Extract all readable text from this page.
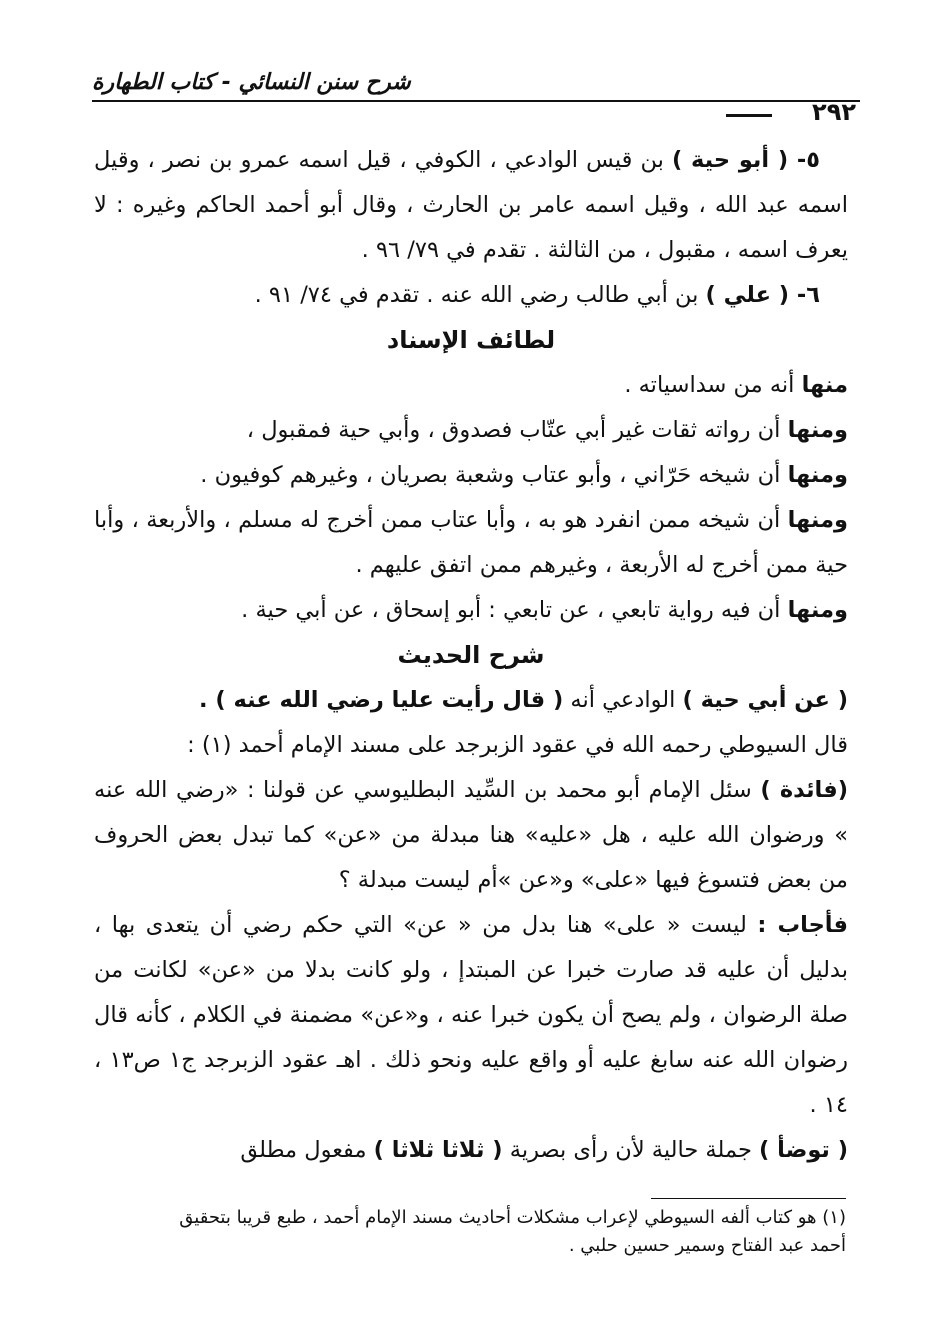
شرح سنن النسائي - كتاب الطهارة
٢٩٢

٥- ( أبو حية ) بن قيس الوادعي ، الكوفي ، قيل اسمه عمرو بن نصر ، وقيل اسمه عبد الله ، وقيل اسمه عامر بن الحارث ، وقال أبو أحمد الحاكم وغيره : لا يعرف اسمه ، مقبول ، من الثالثة . تقدم في ٧٩/ ٩٦ .

٦- ( علي ) بن أبي طالب رضي الله عنه . تقدم في ٧٤/ ٩١ .

لطائف الإسناد

منها أنه من سداسياته .

ومنها أن رواته ثقات غير أبي عتّاب فصدوق ، وأبي حية فمقبول ،

ومنها أن شيخه حَرّاني ، وأبو عتاب وشعبة بصريان ، وغيرهم كوفيون .

ومنها أن شيخه ممن انفرد هو به ، وأبا عتاب ممن أخرج له مسلم ، والأربعة ، وأبا حية ممن أخرج له الأربعة ، وغيرهم ممن اتفق عليهم .

ومنها أن فيه رواية تابعي ، عن تابعي : أبو إسحاق ، عن أبي حية .

شرح الحديث

( عن أبي حية ) الوادعي أنه ( قال رأيت عليا رضي الله عنه ) .

قال السيوطي رحمه الله في عقود الزبرجد على مسند الإمام أحمد (١) :

(فائدة ) سئل الإمام أبو محمد بن السِّيد البطليوسي عن قولنا : «رضي الله عنه » ورضوان الله عليه ، هل «عليه» هنا مبدلة من «عن» كما تبدل بعض الحروف من بعض فتسوغ فيها «على» و«عن »أم ليست مبدلة ؟

فأجاب : ليست « على» هنا بدل من « عن» التي حكم رضي أن يتعدى بها ، بدليل أن عليه قد صارت خبرا عن المبتدإ ، ولو كانت بدلا من «عن» لكانت من صلة الرضوان ، ولم يصح أن يكون خبرا عنه ، و«عن» مضمنة في الكلام ، كأنه قال رضوان الله عنه سابغ عليه أو واقع عليه ونحو ذلك . اهـ عقود الزبرجد ج١ ص١٣ ، ١٤ .

( توضأ ) جملة حالية لأن رأى بصرية ( ثلاثا ثلاثا ) مفعول مطلق

(١) هو كتاب ألفه السيوطي لإعراب مشكلات أحاديث مسند الإمام أحمد ، طبع قريبا بتحقيق

أحمد عبد الفتاح وسمير حسين حلبي .
